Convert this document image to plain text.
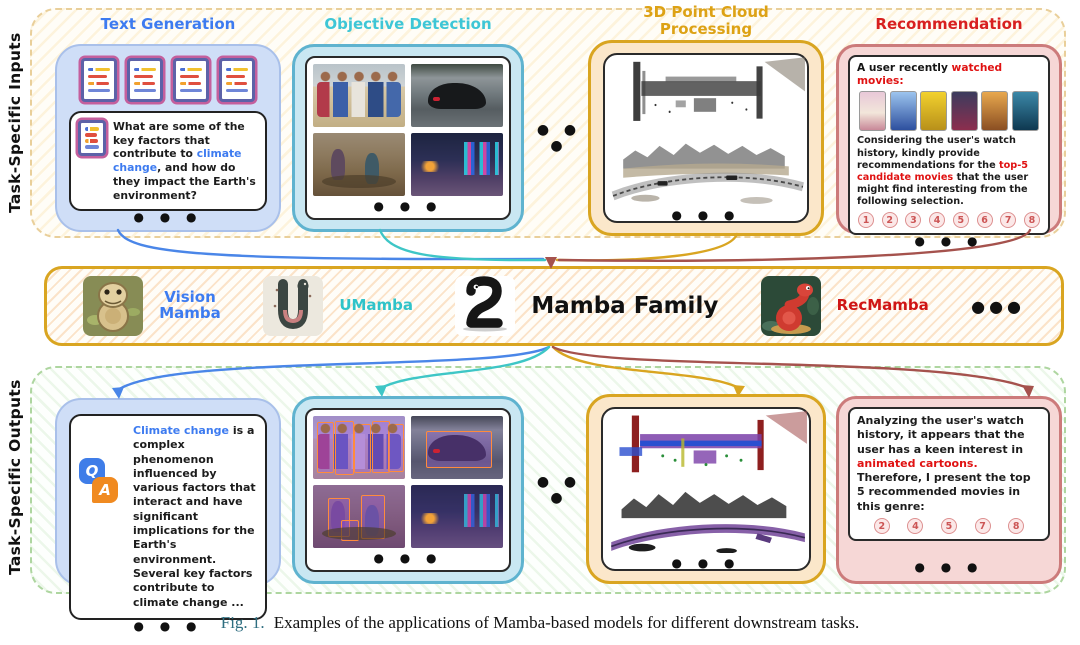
Task-Specific Inputs
Task-Specific Outputs
Text Generation	Objective Detection
3D Point Cloud Processing	Recommendation
What are some of the key factors that contribute to climate change, and how do they impact the Earth's environment?
● ● ●
● ● ●
● ● ●
● ● ●
A user recently watched movies:
Considering the user's watch history, kindly provide recommendations for the top-5 candidate movies that the user might find interesting from the following selection.
1	2	3	4	5	6	7	8
● ● ●
Vision Mamba	UMamba	Mamba Family	RecMamba	●●●
Q
A
Climate change is a complex phenomenon influenced by various factors that interact and have significant implications for the Earth's environment. Several key factors contribute to climate change ...
● ● ●
● ● ●
● ● ●
● ● ●
Analyzing the user's watch history, it appears that the user has a keen interest in animated cartoons. Therefore, I present the top 5 recommended movies in this genre:
2	4	5	7	8
● ● ●
Fig. 1. Examples of the applications of Mamba-based models for different downstream tasks.
